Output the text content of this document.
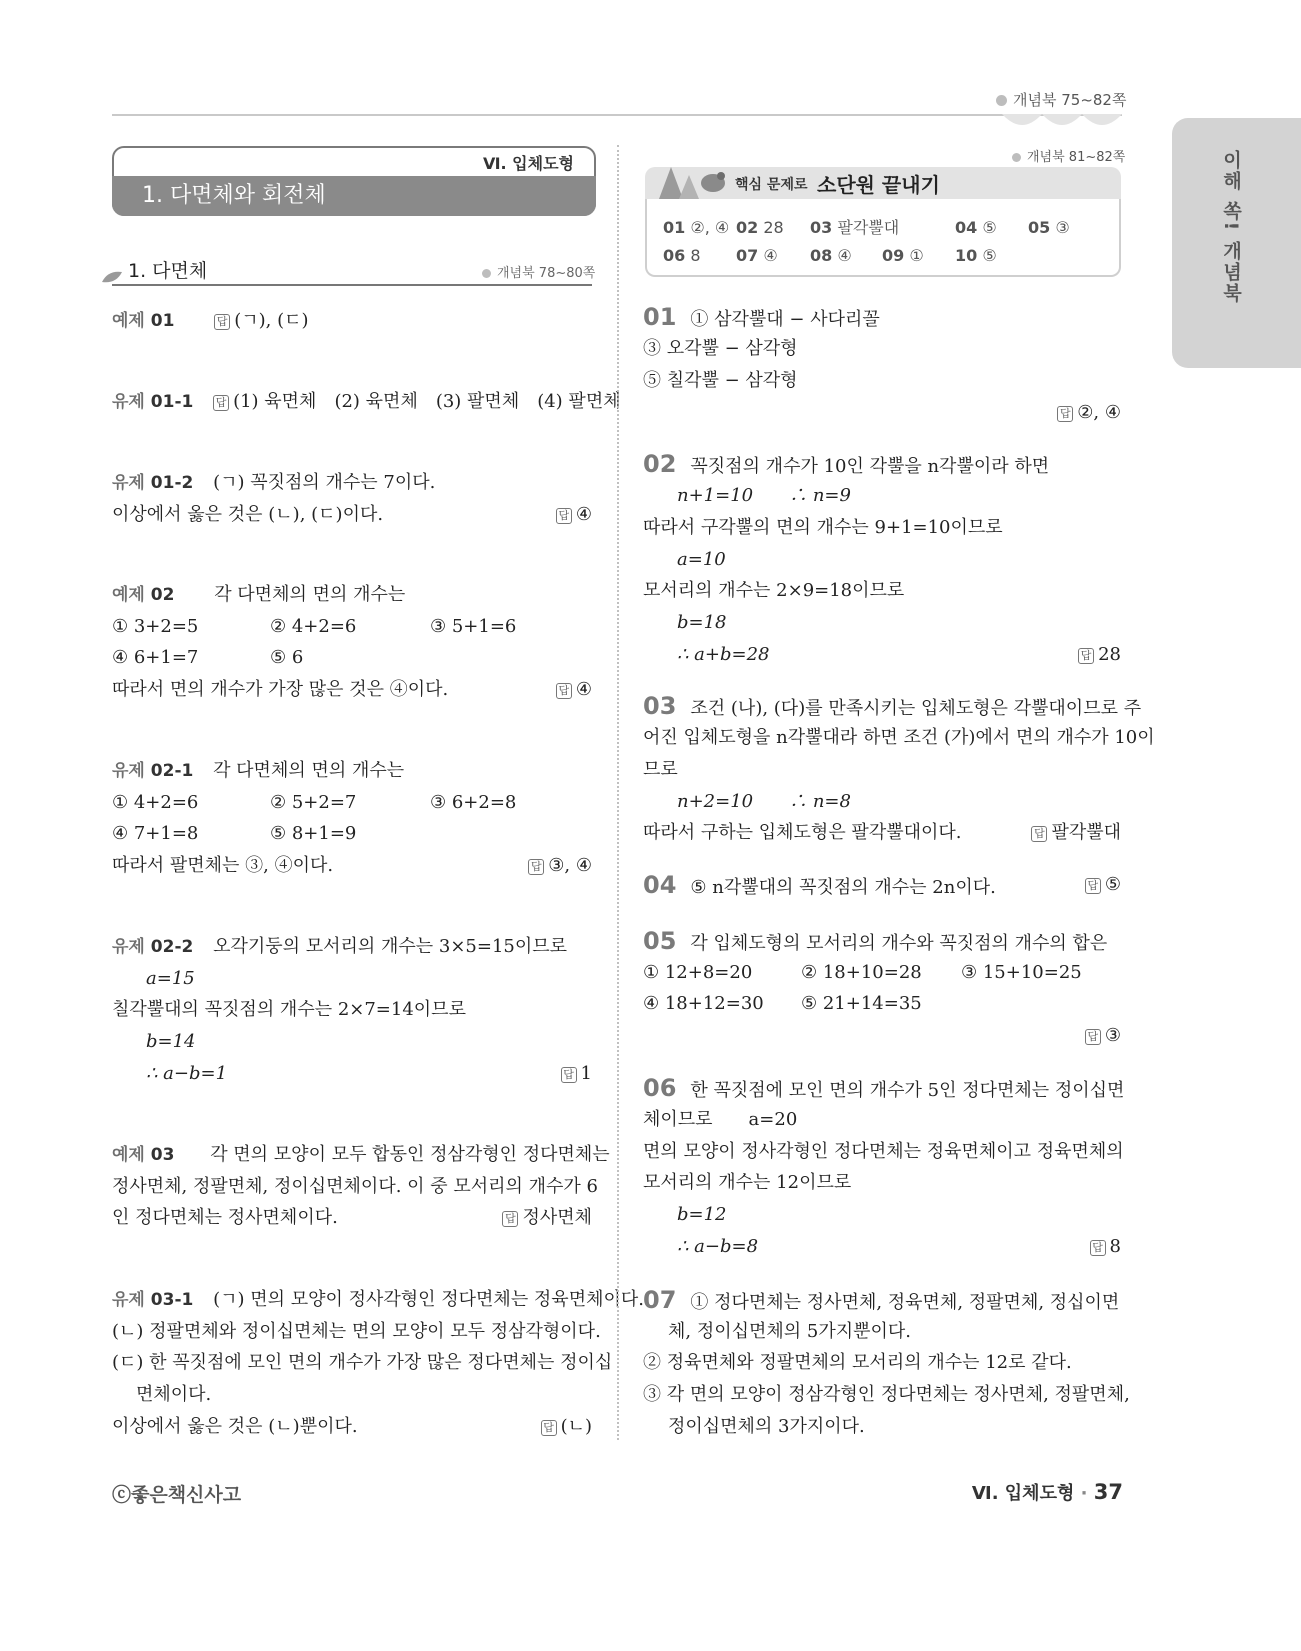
개념북 75~82쪽
이해 쏙! 개념북
Ⅵ. 입체도형
1. 다면체와 회전체
1. 다면체	개념북 78~80쪽
예제 01	답 (ㄱ), (ㄷ)
유제 01-1 답 (1) 육면체　(2) 육면체　(3) 팔면체　(4) 팔면체
유제 01-2 (ㄱ) 꼭짓점의 개수는 7이다.
이상에서 옳은 것은 (ㄴ), (ㄷ)이다.	답 ④
예제 02 각 다면체의 면의 개수는
① 3+2=5	② 4+2=6	③ 5+1=6
④ 6+1=7	⑤ 6
따라서 면의 개수가 가장 많은 것은 ④이다.	답 ④
유제 02-1 각 다면체의 면의 개수는
① 4+2=6	② 5+2=7	③ 6+2=8
④ 7+1=8	⑤ 8+1=9
따라서 팔면체는 ③, ④이다.	답 ③, ④
유제 02-2 오각기둥의 모서리의 개수는 3×5=15이므로
a=15
칠각뿔대의 꼭짓점의 개수는 2×7=14이므로
b=14
∴ a−b=1	답 1
예제 03 각 면의 모양이 모두 합동인 정삼각형인 정다면체는
정사면체, 정팔면체, 정이십면체이다. 이 중 모서리의 개수가 6
인 정다면체는 정사면체이다.	답 정사면체
유제 03-1 (ㄱ) 면의 모양이 정사각형인 정다면체는 정육면체이다.
(ㄴ) 정팔면체와 정이십면체는 면의 모양이 모두 정삼각형이다.
(ㄷ) 한 꼭짓점에 모인 면의 개수가 가장 많은 정다면체는 정이십
면체이다.
이상에서 옳은 것은 (ㄴ)뿐이다.	답 (ㄴ)
개념북 81~82쪽
핵심 문제로 소단원 끝내기
01 ②, ④ 02 28 03 팔각뿔대	04 ⑤ 05 ③
06 8 07 ④ 08 ④ 09 ① 10 ⑤
01 ① 삼각뿔대 − 사다리꼴
③ 오각뿔 − 삼각형
⑤ 칠각뿔 − 삼각형
답 ②, ④
02 꼭짓점의 개수가 10인 각뿔을 n각뿔이라 하면
n+1=10　　∴ n=9
따라서 구각뿔의 면의 개수는 9+1=10이므로
a=10
모서리의 개수는 2×9=18이므로
b=18
∴ a+b=28	답 28
03 조건 (나), (다)를 만족시키는 입체도형은 각뿔대이므로 주
어진 입체도형을 n각뿔대라 하면 조건 (가)에서 면의 개수가 10이
므로
n+2=10　　∴ n=8
따라서 구하는 입체도형은 팔각뿔대이다.	답 팔각뿔대
04 ⑤ n각뿔대의 꼭짓점의 개수는 2n이다.	답 ⑤
05 각 입체도형의 모서리의 개수와 꼭짓점의 개수의 합은
① 12+8=20	② 18+10=28 ③ 15+10=25
④ 18+12=30 ⑤ 21+14=35
답 ③
06 한 꼭짓점에 모인 면의 개수가 5인 정다면체는 정이십면
체이므로　　a=20
면의 모양이 정사각형인 정다면체는 정육면체이고 정육면체의
모서리의 개수는 12이므로
b=12
∴ a−b=8	답 8
07 ① 정다면체는 정사면체, 정육면체, 정팔면체, 정십이면
체, 정이십면체의 5가지뿐이다.
② 정육면체와 정팔면체의 모서리의 개수는 12로 같다.
③ 각 면의 모양이 정삼각형인 정다면체는 정사면체, 정팔면체,
정이십면체의 3가지이다.
ⓒ좋은책신사고	Ⅵ. 입체도형 · 37
